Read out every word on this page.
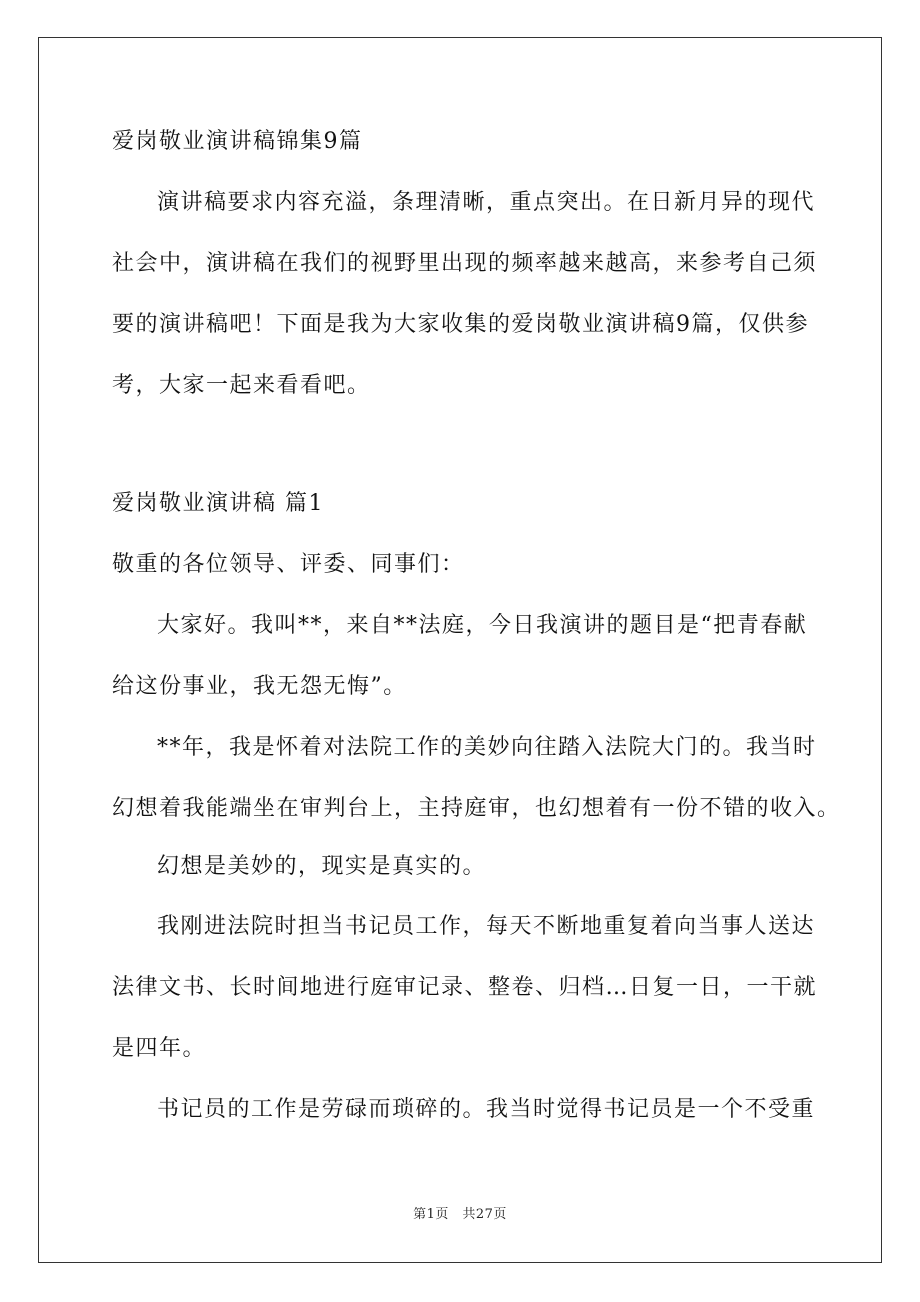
爱岗敬业演讲稿锦集9篇
演讲稿要求内容充溢，条理清晰，重点突出。在日新月异的现代
社会中，演讲稿在我们的视野里出现的频率越来越高，来参考自己须
要的演讲稿吧！下面是我为大家收集的爱岗敬业演讲稿9篇，仅供参
考，大家一起来看看吧。
爱岗敬业演讲稿 篇1
敬重的各位领导、评委、同事们：
大家好。我叫**，来自**法庭，今日我演讲的题目是“把青春献
给这份事业，我无怨无悔”。
**年，我是怀着对法院工作的美妙向往踏入法院大门的。我当时
幻想着我能端坐在审判台上，主持庭审，也幻想着有一份不错的收入。
幻想是美妙的，现实是真实的。
我刚进法院时担当书记员工作，每天不断地重复着向当事人送达
法律文书、长时间地进行庭审记录、整卷、归档…日复一日，一干就
是四年。
书记员的工作是劳碌而琐碎的。我当时觉得书记员是一个不受重
第1页　共27页
